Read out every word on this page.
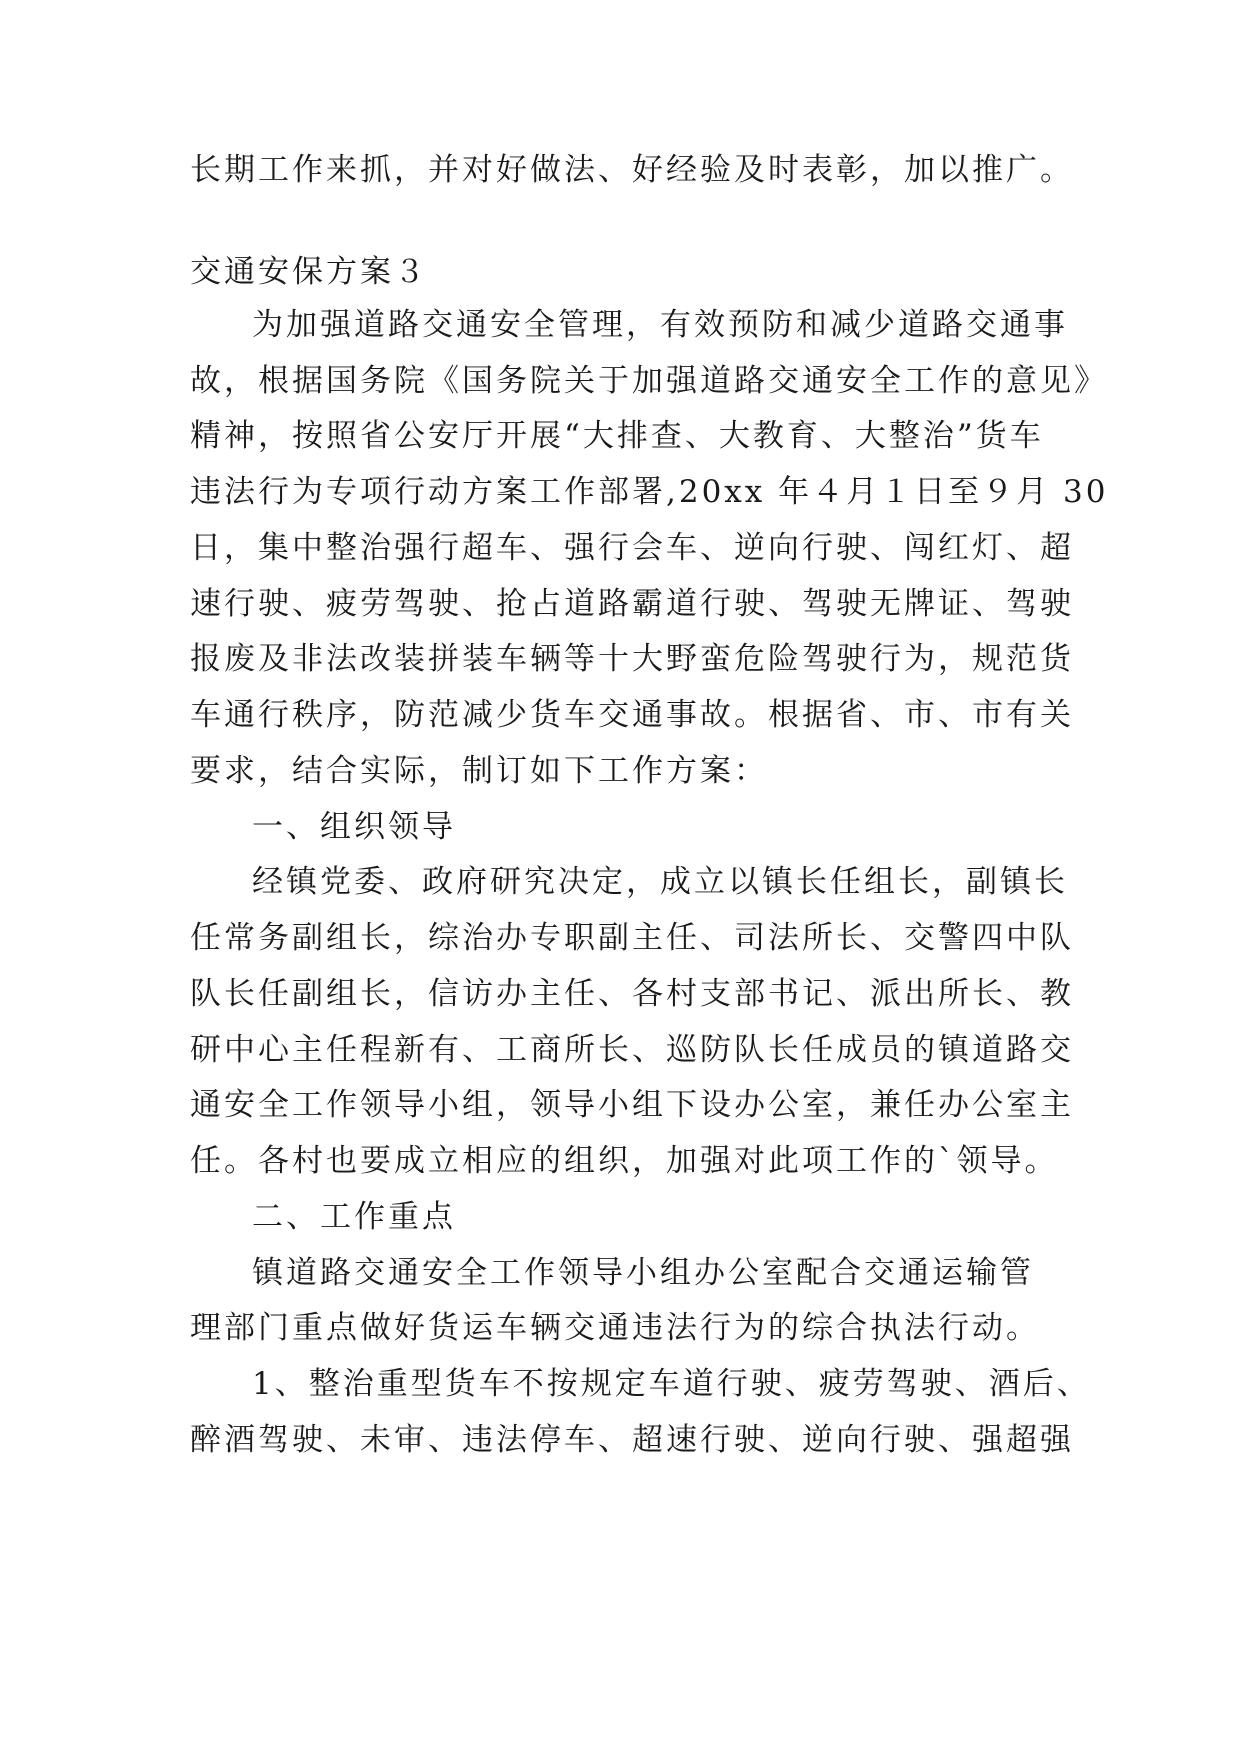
长期工作来抓，并对好做法、好经验及时表彰，加以推广。
交通安保方案３
为加强道路交通安全管理，有效预防和减少道路交通事
故，根据国务院《国务院关于加强道路交通安全工作的意见》
精神，按照省公安厅开展“大排查、大教育、大整治”货车
违法行为专项行动方案工作部署,20xx 年４月１日至９月 30
日，集中整治强行超车、强行会车、逆向行驶、闯红灯、超
速行驶、疲劳驾驶、抢占道路霸道行驶、驾驶无牌证、驾驶
报废及非法改装拼装车辆等十大野蛮危险驾驶行为，规范货
车通行秩序，防范减少货车交通事故。根据省、市、市有关
要求，结合实际，制订如下工作方案：
一、组织领导
经镇党委、政府研究决定，成立以镇长任组长，副镇长
任常务副组长，综治办专职副主任、司法所长、交警四中队
队长任副组长，信访办主任、各村支部书记、派出所长、教
研中心主任程新有、工商所长、巡防队长任成员的镇道路交
通安全工作领导小组，领导小组下设办公室，兼任办公室主
任。各村也要成立相应的组织，加强对此项工作的`领导。
二、工作重点
镇道路交通安全工作领导小组办公室配合交通运输管
理部门重点做好货运车辆交通违法行为的综合执法行动。
1、整治重型货车不按规定车道行驶、疲劳驾驶、酒后、
醉酒驾驶、未审、违法停车、超速行驶、逆向行驶、强超强
